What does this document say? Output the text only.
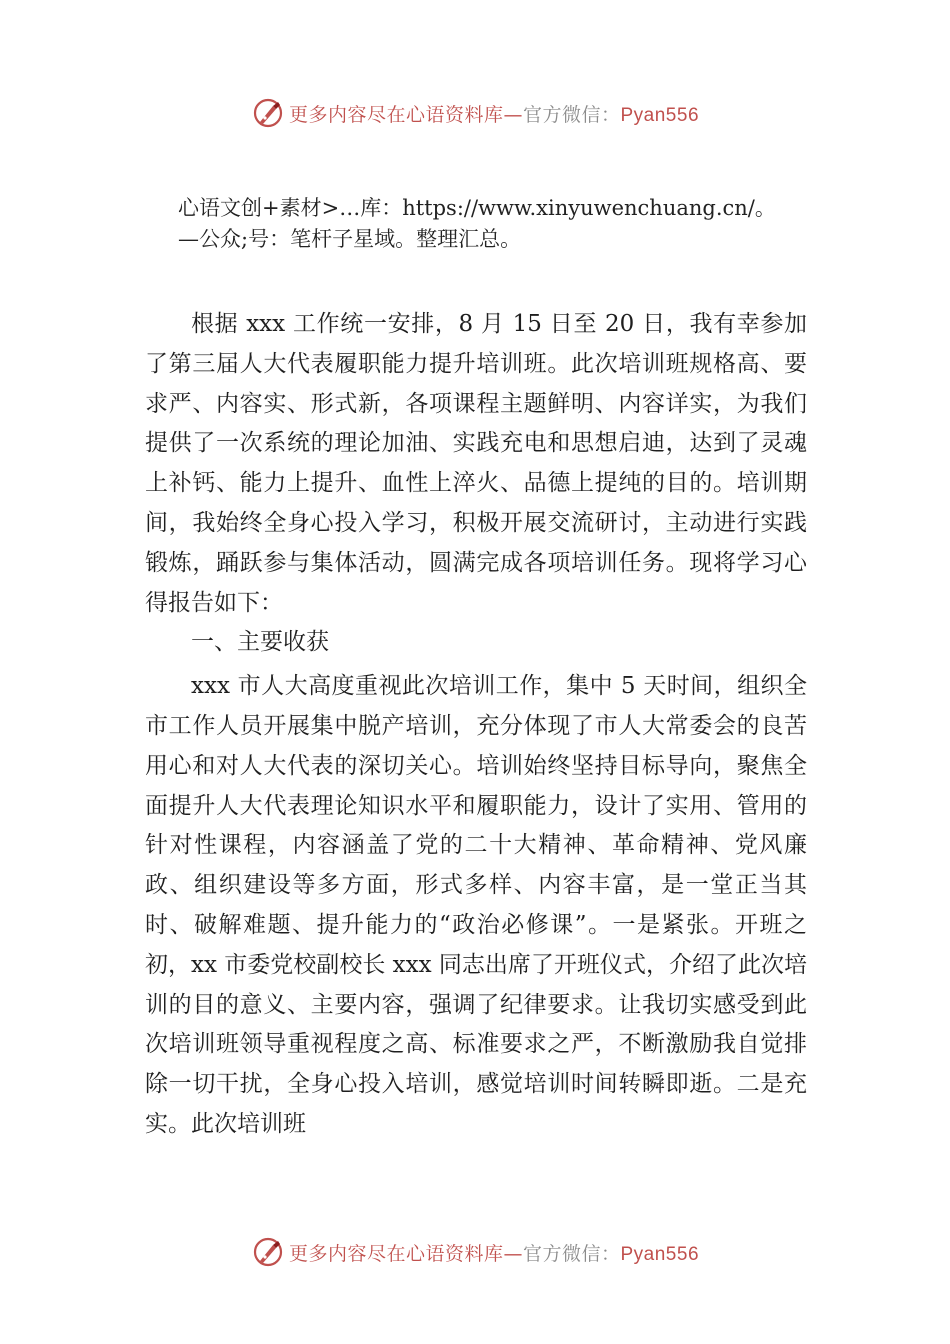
更多内容尽在心语资料库—官方微信：Pyan556
心语文创+素材>…库：https://www.xinyuwenchuang.cn/。
—公众;号：笔杆子星域。整理汇总。

根据 xxx 工作统一安排，8 月 15 日至 20 日，我有幸参加了第三届人大代表履职能力提升培训班。此次培训班规格高、要求严、内容实、形式新，各项课程主题鲜明、内容详实，为我们提供了一次系统的理论加油、实践充电和思想启迪，达到了灵魂上补钙、能力上提升、血性上淬火、品德上提纯的目的。培训期间，我始终全身心投入学习，积极开展交流研讨，主动进行实践锻炼，踊跃参与集体活动，圆满完成各项培训任务。现将学习心得报告如下：

一、主要收获

xxx 市人大高度重视此次培训工作，集中 5 天时间，组织全市工作人员开展集中脱产培训，充分体现了市人大常委会的良苦用心和对人大代表的深切关心。培训始终坚持目标导向，聚焦全面提升人大代表理论知识水平和履职能力，设计了实用、管用的针对性课程，内容涵盖了党的二十大精神、革命精神、党风廉政、组织建设等多方面，形式多样、内容丰富，是一堂正当其时、破解难题、提升能力的“政治必修课”。一是紧张。开班之初，xx 市委党校副校长 xxx 同志出席了开班仪式，介绍了此次培训的目的意义、主要内容，强调了纪律要求。让我切实感受到此次培训班领导重视程度之高、标准要求之严，不断激励我自觉排除一切干扰，全身心投入培训，感觉培训时间转瞬即逝。二是充实。此次培训班

更多内容尽在心语资料库—官方微信：Pyan556
